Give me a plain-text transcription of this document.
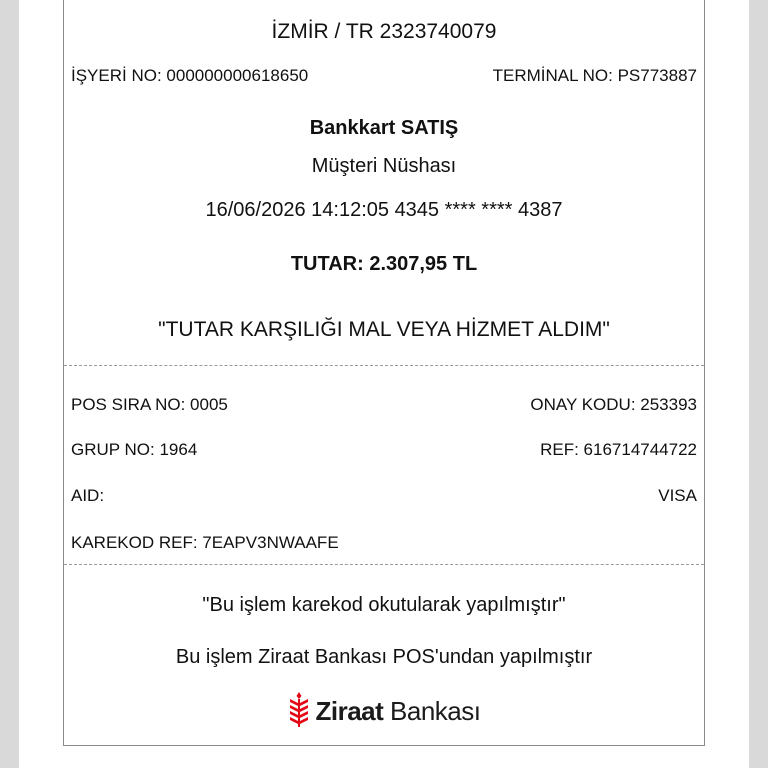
İZMİR / TR 2323740079
İŞYERİ NO: 000000000618650	TERMİNAL NO: PS773887
Bankkart SATIŞ
Müşteri Nüshası
16/06/2026 14:12:05 4345 **** **** 4387
TUTAR: 2.307,95 TL
"TUTAR KARŞILIĞI MAL VEYA HİZMET ALDIM"
POS SIRA NO: 0005	ONAY KODU: 253393
GRUP NO: 1964	REF: 616714744722
AID:	VISA
KAREKOD REF: 7EAPV3NWAAFE
"Bu işlem karekod okutularak yapılmıştır"
Bu işlem Ziraat Bankası POS'undan yapılmıştır
Ziraat Bankası
